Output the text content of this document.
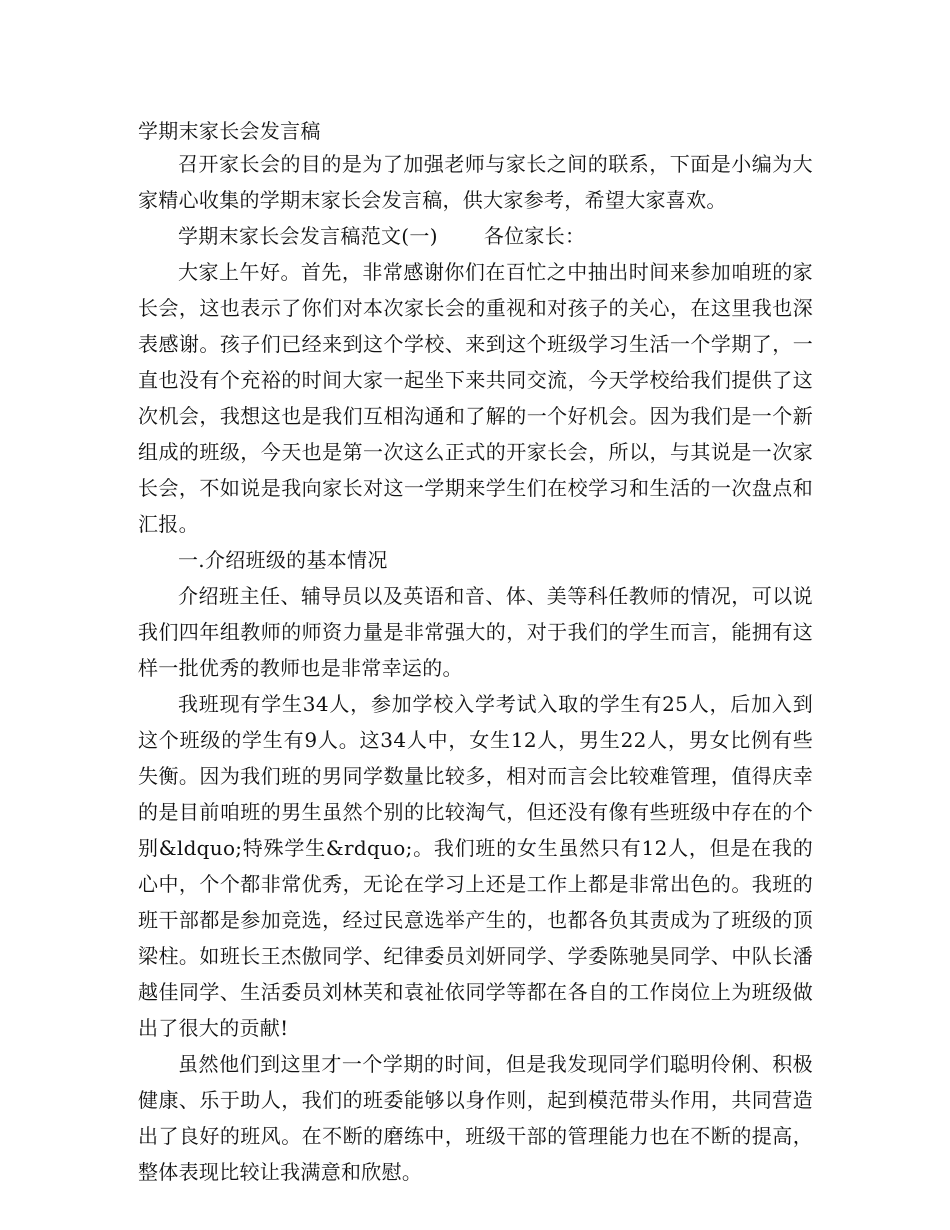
学期末家长会发言稿

召开家长会的目的是为了加强老师与家长之间的联系，下面是小编为大家精心收集的学期末家长会发言稿，供大家参考，希望大家喜欢。

学期末家长会发言稿范文(一) 各位家长：

大家上午好。首先，非常感谢你们在百忙之中抽出时间来参加咱班的家长会，这也表示了你们对本次家长会的重视和对孩子的关心，在这里我也深表感谢。孩子们已经来到这个学校、来到这个班级学习生活一个学期了，一直也没有个充裕的时间大家一起坐下来共同交流，今天学校给我们提供了这次机会，我想这也是我们互相沟通和了解的一个好机会。因为我们是一个新组成的班级，今天也是第一次这么正式的开家长会，所以，与其说是一次家长会，不如说是我向家长对这一学期来学生们在校学习和生活的一次盘点和汇报。

一.介绍班级的基本情况

介绍班主任、辅导员以及英语和音、体、美等科任教师的情况，可以说我们四年组教师的师资力量是非常强大的，对于我们的学生而言，能拥有这样一批优秀的教师也是非常幸运的。

我班现有学生34人，参加学校入学考试入取的学生有25人，后加入到这个班级的学生有9人。这34人中，女生12人，男生22人，男女比例有些失衡。因为我们班的男同学数量比较多，相对而言会比较难管理，值得庆幸的是目前咱班的男生虽然个别的比较淘气，但还没有像有些班级中存在的个别&ldquo;特殊学生&rdquo;。我们班的女生虽然只有12人，但是在我的心中，个个都非常优秀，无论在学习上还是工作上都是非常出色的。我班的班干部都是参加竞选，经过民意选举产生的，也都各负其责成为了班级的顶梁柱。如班长王杰傲同学、纪律委员刘妍同学、学委陈驰昊同学、中队长潘越佳同学、生活委员刘林芙和袁祉依同学等都在各自的工作岗位上为班级做出了很大的贡献!

虽然他们到这里才一个学期的时间，但是我发现同学们聪明伶俐、积极健康、乐于助人，我们的班委能够以身作则，起到模范带头作用，共同营造出了良好的班风。在不断的磨练中，班级干部的管理能力也在不断的提高，整体表现比较让我满意和欣慰。
